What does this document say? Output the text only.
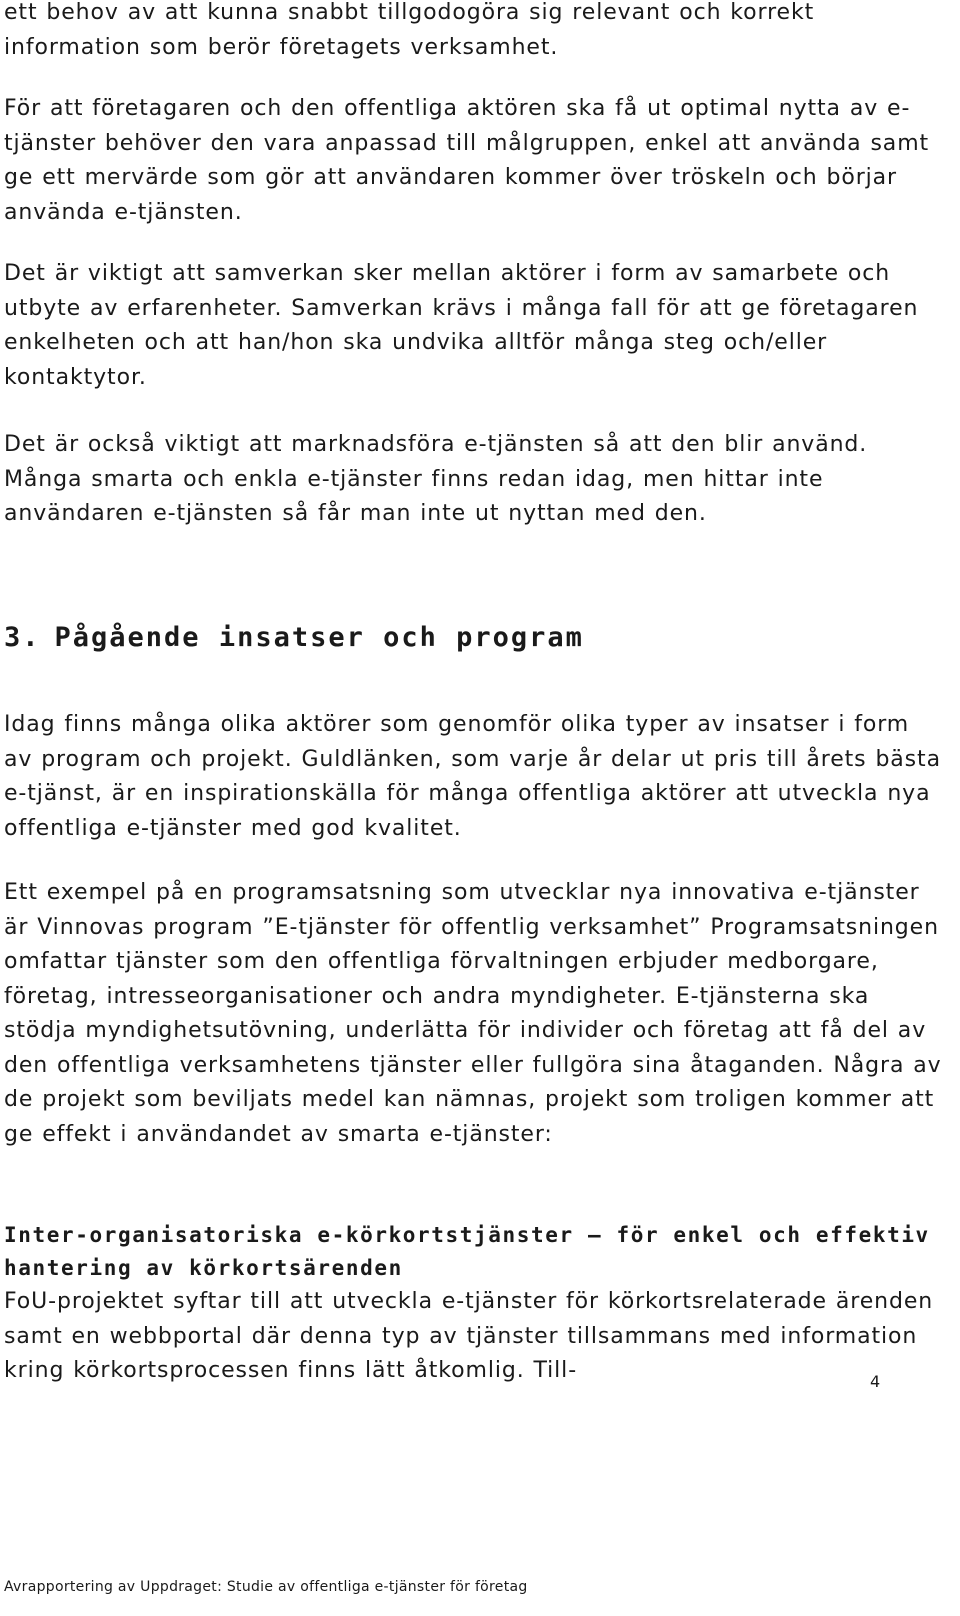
ett behov av att kunna snabbt tillgodogöra sig relevant och korrekt information som berör företagets verksamhet.

För att företagaren och den offentliga aktören ska få ut optimal nytta av e-tjänster behöver den vara anpassad till målgruppen, enkel att använda samt ge ett mervärde som gör att användaren kommer över tröskeln och börjar använda e-tjänsten.

Det är viktigt att samverkan sker mellan aktörer i form av samarbete och utbyte av erfarenheter. Samverkan krävs i många fall för att ge företagaren enkelheten och att han/hon ska undvika alltför många steg och/eller kontaktytor.

Det är också viktigt att marknadsföra e-tjänsten så att den blir använd. Många smarta och enkla e-tjänster finns redan idag, men hittar inte användaren e-tjänsten så får man inte ut nyttan med den.

3. Pågående insatser och program

Idag finns många olika aktörer som genomför olika typer av insatser i form av program och projekt. Guldlänken, som varje år delar ut pris till årets bästa e-tjänst, är en inspirationskälla för många offentliga aktörer att utveckla nya offentliga e-tjänster med god kvalitet.

Ett exempel på en programsatsning som utvecklar nya innovativa e-tjänster är Vinnovas program ”E-tjänster för offentlig verksamhet” Programsatsningen omfattar tjänster som den offentliga förvaltningen erbjuder medborgare, företag, intresseorganisationer och andra myndigheter. E-tjänsterna ska stödja myndighetsutövning, underlätta för individer och företag att få del av den offentliga verksamhetens tjänster eller fullgöra sina åtaganden. Några av de projekt som beviljats medel kan nämnas, projekt som troligen kommer att ge effekt i användandet av smarta e-tjänster:

Inter-organisatoriska e-körkortstjänster – för enkel och effektiv hantering av körkortsärenden

FoU-projektet syftar till att utveckla e-tjänster för körkortsrelaterade ärenden samt en webbportal där denna typ av tjänster tillsammans med information kring körkortsprocessen finns lätt åtkomlig. Till-	4
Avrapportering av Uppdraget: Studie av offentliga e-tjänster för företag
